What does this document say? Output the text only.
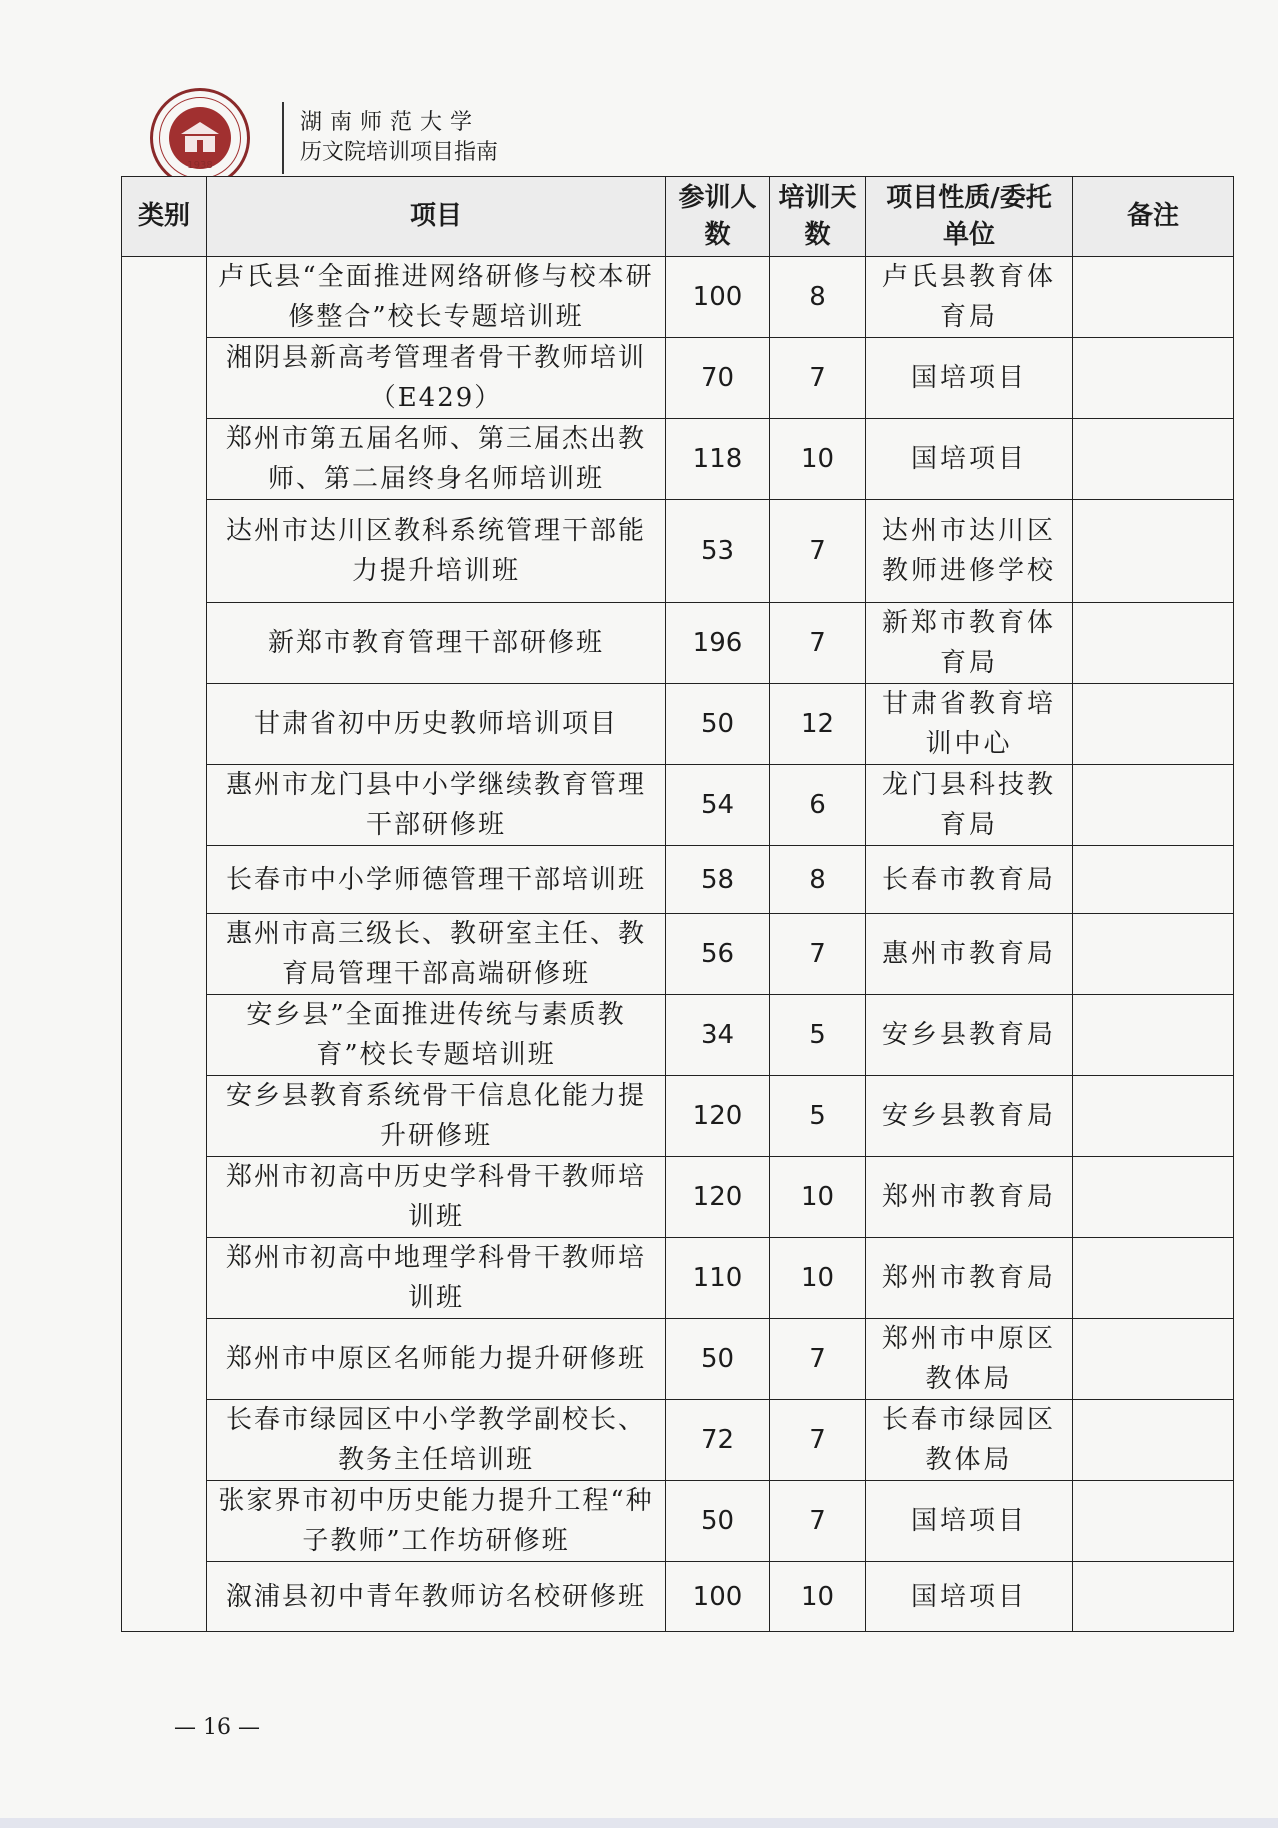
1938
湖南师范大学
历文院培训项目指南
类别	项目	参训人数	培训天数	项目性质/委托单位	备注
	卢氏县“全面推进网络研修与校本研修整合”校长专题培训班	100	8	卢氏县教育体育局	
	湘阴县新高考管理者骨干教师培训（E429）	70	7	国培项目	
	郑州市第五届名师、第三届杰出教师、第二届终身名师培训班	118	10	国培项目	
	达州市达川区教科系统管理干部能力提升培训班	53	7	达州市达川区教师进修学校	
	新郑市教育管理干部研修班	196	7	新郑市教育体育局	
	甘肃省初中历史教师培训项目	50	12	甘肃省教育培训中心	
	惠州市龙门县中小学继续教育管理干部研修班	54	6	龙门县科技教育局	
	长春市中小学师德管理干部培训班	58	8	长春市教育局	
	惠州市高三级长、教研室主任、教育局管理干部高端研修班	56	7	惠州市教育局	
	安乡县”全面推进传统与素质教育”校长专题培训班	34	5	安乡县教育局	
	安乡县教育系统骨干信息化能力提升研修班	120	5	安乡县教育局	
	郑州市初高中历史学科骨干教师培训班	120	10	郑州市教育局	
	郑州市初高中地理学科骨干教师培训班	110	10	郑州市教育局	
	郑州市中原区名师能力提升研修班	50	7	郑州市中原区教体局	
	长春市绿园区中小学教学副校长、教务主任培训班	72	7	长春市绿园区教体局	
	张家界市初中历史能力提升工程“种子教师”工作坊研修班	50	7	国培项目	
	溆浦县初中青年教师访名校研修班	100	10	国培项目	
— 16 —
